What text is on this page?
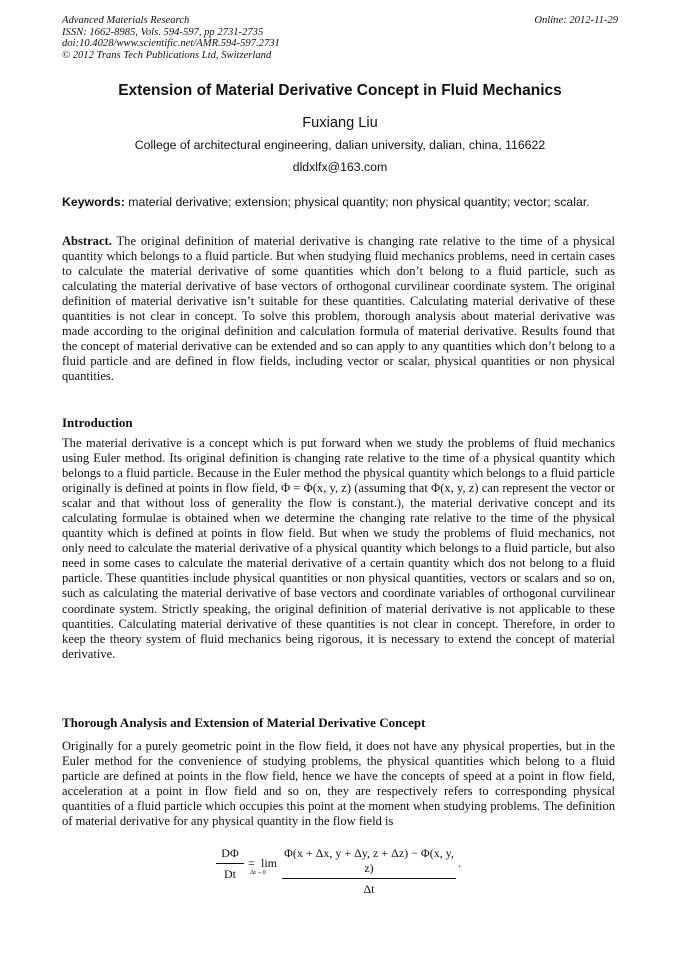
Advanced Materials Research
ISSN: 1662-8985, Vols. 594-597, pp 2731-2735
doi:10.4028/www.scientific.net/AMR.594-597.2731
© 2012 Trans Tech Publications Ltd, Switzerland
Online: 2012-11-29
Extension of Material Derivative Concept in Fluid Mechanics
Fuxiang Liu
College of architectural engineering, dalian university, dalian, china, 116622
dldxlfx@163.com
Keywords: material derivative; extension; physical quantity; non physical quantity; vector; scalar.
Abstract. The original definition of material derivative is changing rate relative to the time of a physical quantity which belongs to a fluid particle. But when studying fluid mechanics problems, need in certain cases to calculate the material derivative of some quantities which don’t belong to a fluid particle, such as calculating the material derivative of base vectors of orthogonal curvilinear coordinate system. The original definition of material derivative isn’t suitable for these quantities. Calculating material derivative of these quantities is not clear in concept. To solve this problem, thorough analysis about material derivative was made according to the original definition and calculation formula of material derivative. Results found that the concept of material derivative can be extended and so can apply to any quantities which don’t belong to a fluid particle and are defined in flow fields, including vector or scalar, physical quantities or non physical quantities.
Introduction
The material derivative is a concept which is put forward when we study the problems of fluid mechanics using Euler method. Its original definition is changing rate relative to the time of a physical quantity which belongs to a fluid particle. Because in the Euler method the physical quantity which belongs to a fluid particle originally is defined at points in flow field, Φ = Φ(x, y, z) (assuming that Φ(x, y, z) can represent the vector or scalar and that without loss of generality the flow is constant.), the material derivative concept and its calculating formulae is obtained when we determine the changing rate relative to the time of the physical quantity which is defined at points in flow field. But when we study the problems of fluid mechanics, not only need to calculate the material derivative of a physical quantity which belongs to a fluid particle, but also need in some cases to calculate the material derivative of a certain quantity which dos not belong to a fluid particle. These quantities include physical quantities or non physical quantities, vectors or scalars and so on, such as calculating the material derivative of base vectors and coordinate variables of orthogonal curvilinear coordinate system. Strictly speaking, the original definition of material derivative is not applicable to these quantities. Calculating material derivative of these quantities is not clear in concept. Therefore, in order to keep the theory system of fluid mechanics being rigorous, it is necessary to extend the concept of material derivative.
Thorough Analysis and Extension of Material Derivative Concept
Originally for a purely geometric point in the flow field, it does not have any physical properties, but in the Euler method for the convenience of studying problems, the physical quantities which belong to a fluid particle are defined at points in the flow field, hence we have the concepts of speed at a point in flow field, acceleration at a point in flow field and so on, they are respectively refers to corresponding physical quantities of a fluid particle which occupies this point at the moment when studying problems. The definition of material derivative for any physical quantity in the flow field is
$\frac{D\Phi}{Dt} = \lim$
$\Delta t\to 0 \frac{\Phi(x + \Delta x, y + \Delta y, z + \Delta z) - \Phi(x, y, z)}{\Delta t}$ .
